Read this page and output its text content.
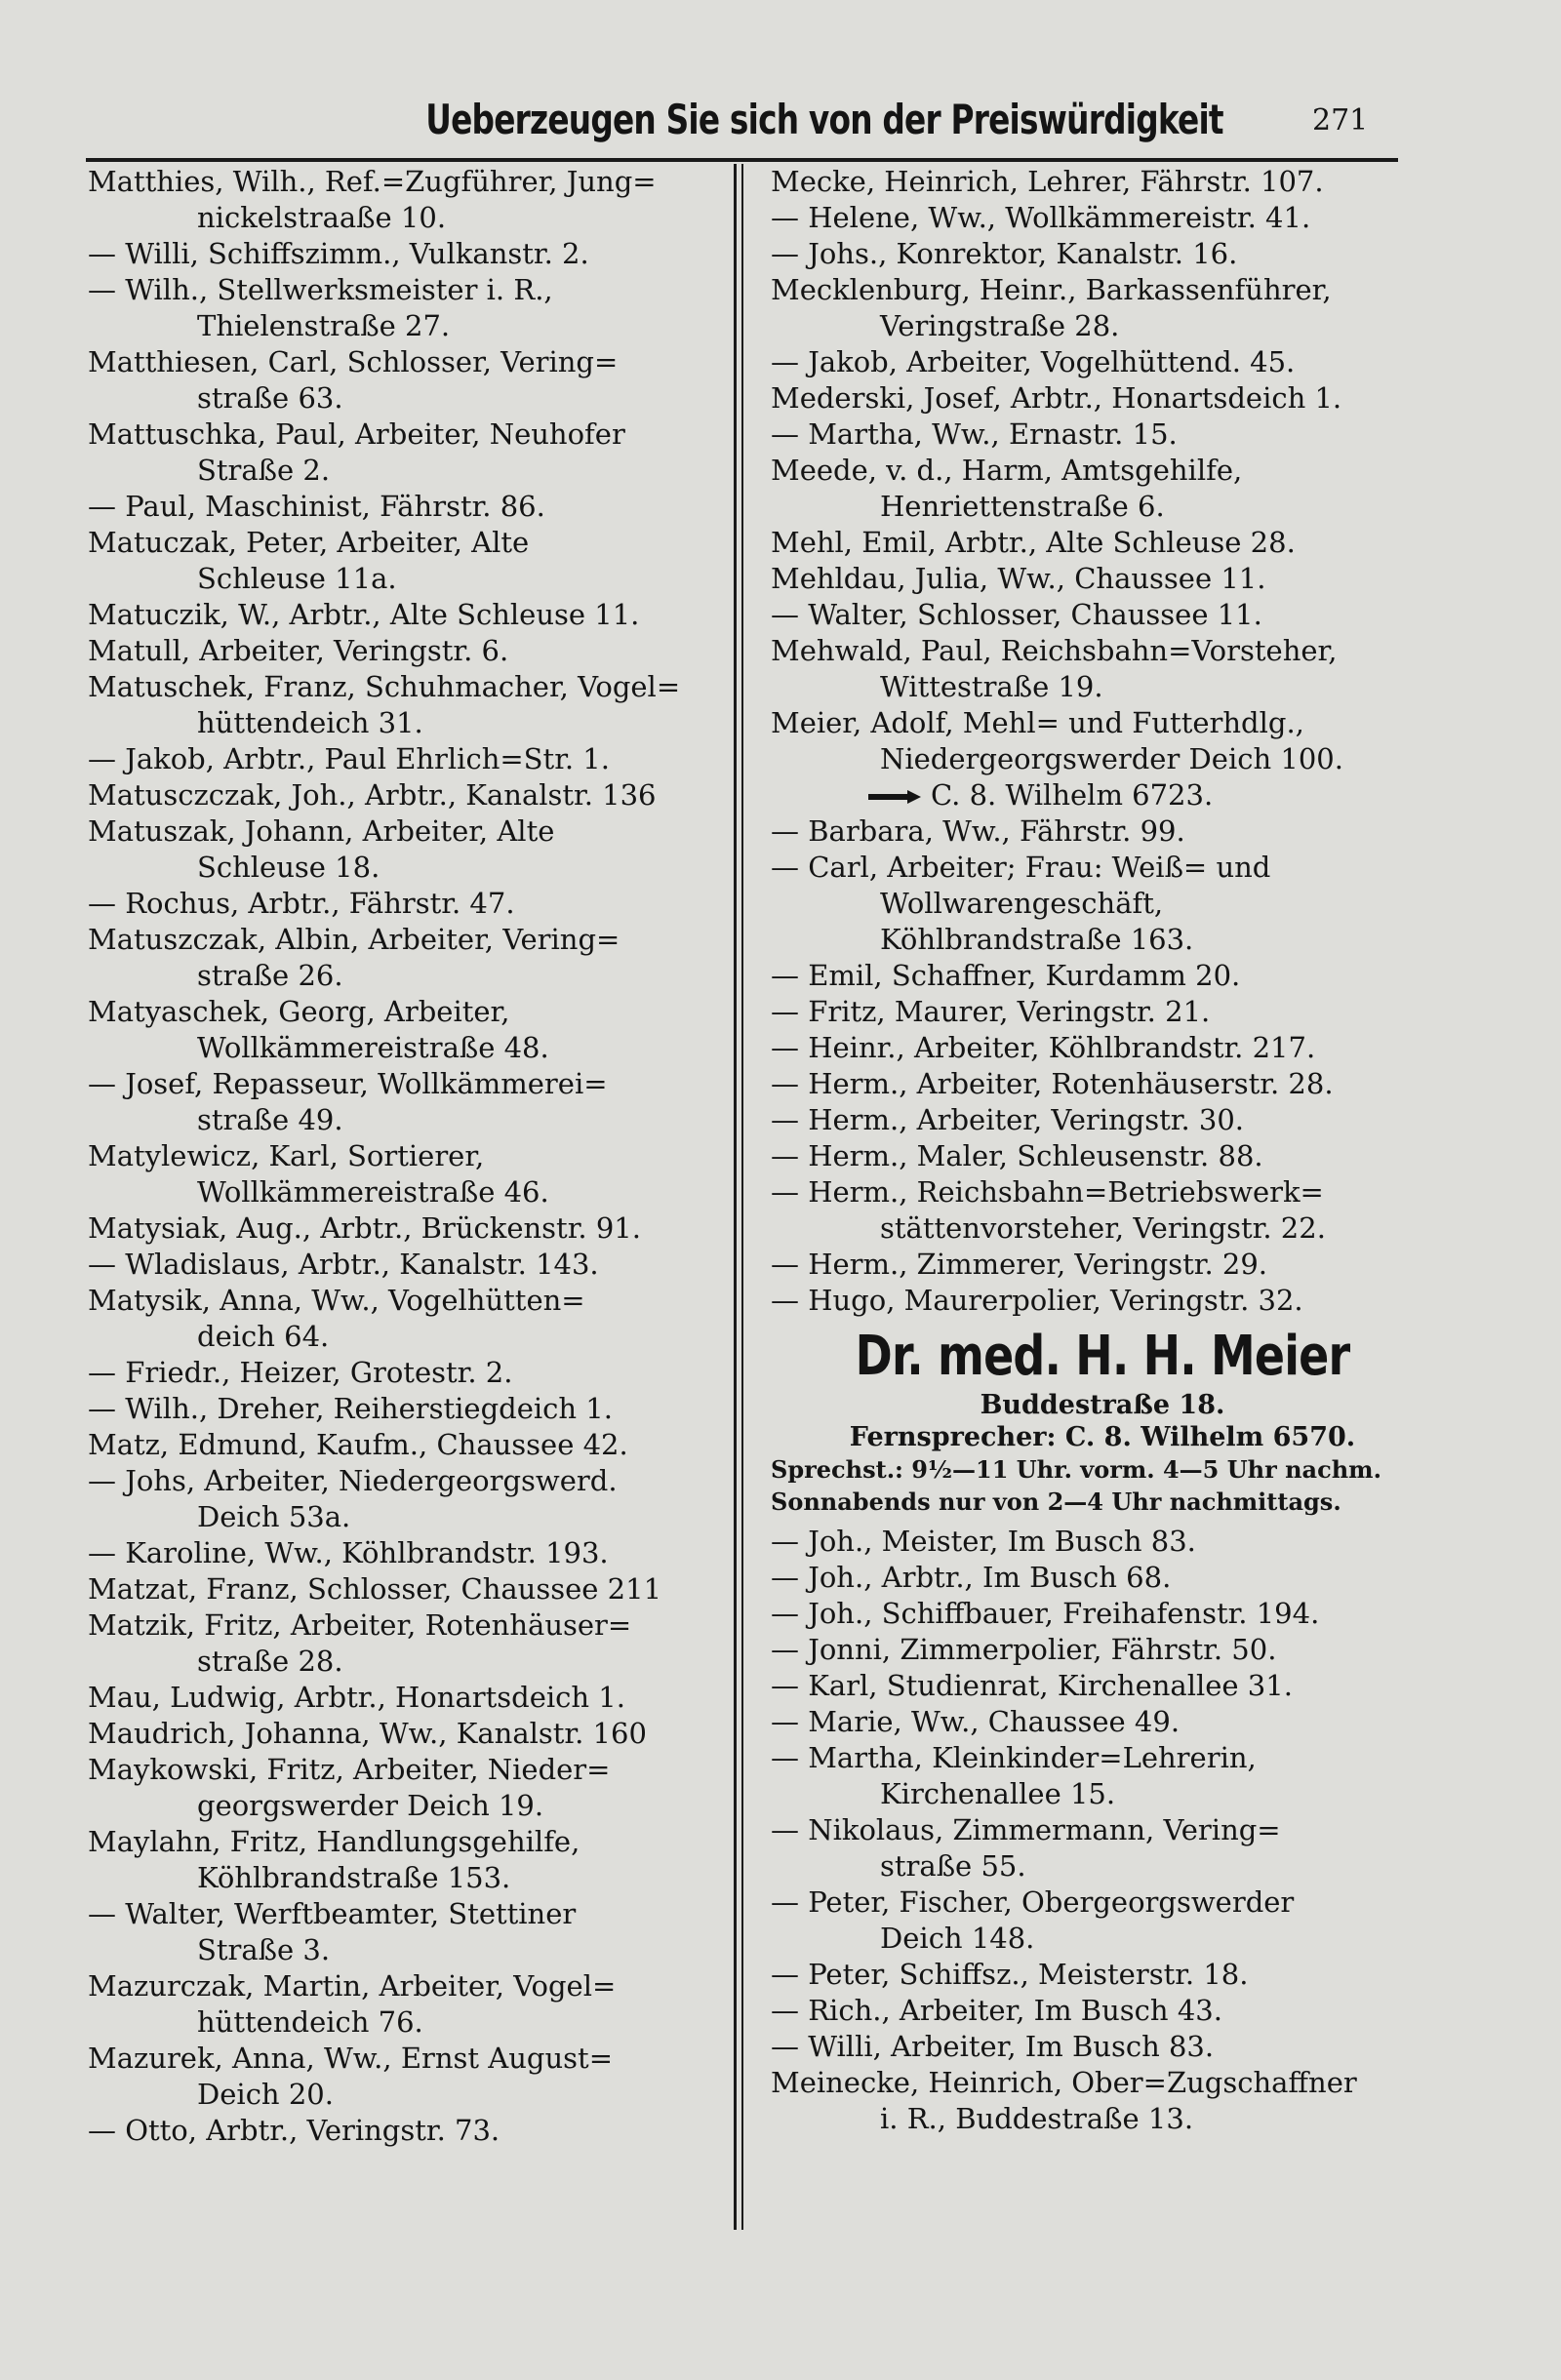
Ueberzeugen Sie sich von der Preiswürdigkeit	271
Matthies, Wilh., Ref.=Zugführer, Jung=
nickelstraaße 10.
— Willi, Schiffszimm., Vulkanstr. 2.
— Wilh., Stellwerksmeister i. R.,
Thielenstraße 27.
Matthiesen, Carl, Schlosser, Vering=
straße 63.
Mattuschka, Paul, Arbeiter, Neuhofer
Straße 2.
— Paul, Maschinist, Fährstr. 86.
Matuczak, Peter, Arbeiter, Alte
Schleuse 11a.
Matuczik, W., Arbtr., Alte Schleuse 11.
Matull, Arbeiter, Veringstr. 6.
Matuschek, Franz, Schuhmacher, Vogel=
hüttendeich 31.
— Jakob, Arbtr., Paul Ehrlich=Str. 1.
Matusczczak, Joh., Arbtr., Kanalstr. 136
Matuszak, Johann, Arbeiter, Alte
Schleuse 18.
— Rochus, Arbtr., Fährstr. 47.
Matuszczak, Albin, Arbeiter, Vering=
straße 26.
Matyaschek, Georg, Arbeiter,
Wollkämmereistraße 48.
— Josef, Repasseur, Wollkämmerei=
straße 49.
Matylewicz, Karl, Sortierer,
Wollkämmereistraße 46.
Matysiak, Aug., Arbtr., Brückenstr. 91.
— Wladislaus, Arbtr., Kanalstr. 143.
Matysik, Anna, Ww., Vogelhütten=
deich 64.
— Friedr., Heizer, Grotestr. 2.
— Wilh., Dreher, Reiherstiegdeich 1.
Matz, Edmund, Kaufm., Chaussee 42.
— Johs, Arbeiter, Niedergeorgswerd.
Deich 53a.
— Karoline, Ww., Köhlbrandstr. 193.
Matzat, Franz, Schlosser, Chaussee 211
Matzik, Fritz, Arbeiter, Rotenhäuser=
straße 28.
Mau, Ludwig, Arbtr., Honartsdeich 1.
Maudrich, Johanna, Ww., Kanalstr. 160
Maykowski, Fritz, Arbeiter, Nieder=
georgswerder Deich 19.
Maylahn, Fritz, Handlungsgehilfe,
Köhlbrandstraße 153.
— Walter, Werftbeamter, Stettiner
Straße 3.
Mazurczak, Martin, Arbeiter, Vogel=
hüttendeich 76.
Mazurek, Anna, Ww., Ernst August=
Deich 20.
— Otto, Arbtr., Veringstr. 73.
Mecke, Heinrich, Lehrer, Fährstr. 107.
— Helene, Ww., Wollkämmereistr. 41.
— Johs., Konrektor, Kanalstr. 16.
Mecklenburg, Heinr., Barkassenführer,
Veringstraße 28.
— Jakob, Arbeiter, Vogelhüttend. 45.
Mederski, Josef, Arbtr., Honartsdeich 1.
— Martha, Ww., Ernastr. 15.
Meede, v. d., Harm, Amtsgehilfe,
Henriettenstraße 6.
Mehl, Emil, Arbtr., Alte Schleuse 28.
Mehldau, Julia, Ww., Chaussee 11.
— Walter, Schlosser, Chaussee 11.
Mehwald, Paul, Reichsbahn=Vorsteher,
Wittestraße 19.
Meier, Adolf, Mehl= und Futterhdlg.,
Niedergeorgswerder Deich 100.
C. 8. Wilhelm 6723.
— Barbara, Ww., Fährstr. 99.
— Carl, Arbeiter; Frau: Weiß= und
Wollwarengeschäft,
Köhlbrandstraße 163.
— Emil, Schaffner, Kurdamm 20.
— Fritz, Maurer, Veringstr. 21.
— Heinr., Arbeiter, Köhlbrandstr. 217.
— Herm., Arbeiter, Rotenhäuserstr. 28.
— Herm., Arbeiter, Veringstr. 30.
— Herm., Maler, Schleusenstr. 88.
— Herm., Reichsbahn=Betriebswerk=
stättenvorsteher, Veringstr. 22.
— Herm., Zimmerer, Veringstr. 29.
— Hugo, Maurerpolier, Veringstr. 32.
Dr. med. H. H. Meier
Buddestraße 18.
Fernsprecher: C. 8. Wilhelm 6570.
Sprechst.: 9½—11 Uhr. vorm. 4—5 Uhr nachm.
Sonnabends nur von 2—4 Uhr nachmittags.
— Joh., Meister, Im Busch 83.
— Joh., Arbtr., Im Busch 68.
— Joh., Schiffbauer, Freihafenstr. 194.
— Jonni, Zimmerpolier, Fährstr. 50.
— Karl, Studienrat, Kirchenallee 31.
— Marie, Ww., Chaussee 49.
— Martha, Kleinkinder=Lehrerin,
Kirchenallee 15.
— Nikolaus, Zimmermann, Vering=
straße 55.
— Peter, Fischer, Obergeorgswerder
Deich 148.
— Peter, Schiffsz., Meisterstr. 18.
— Rich., Arbeiter, Im Busch 43.
— Willi, Arbeiter, Im Busch 83.
Meinecke, Heinrich, Ober=Zugschaffner
i. R., Buddestraße 13.
